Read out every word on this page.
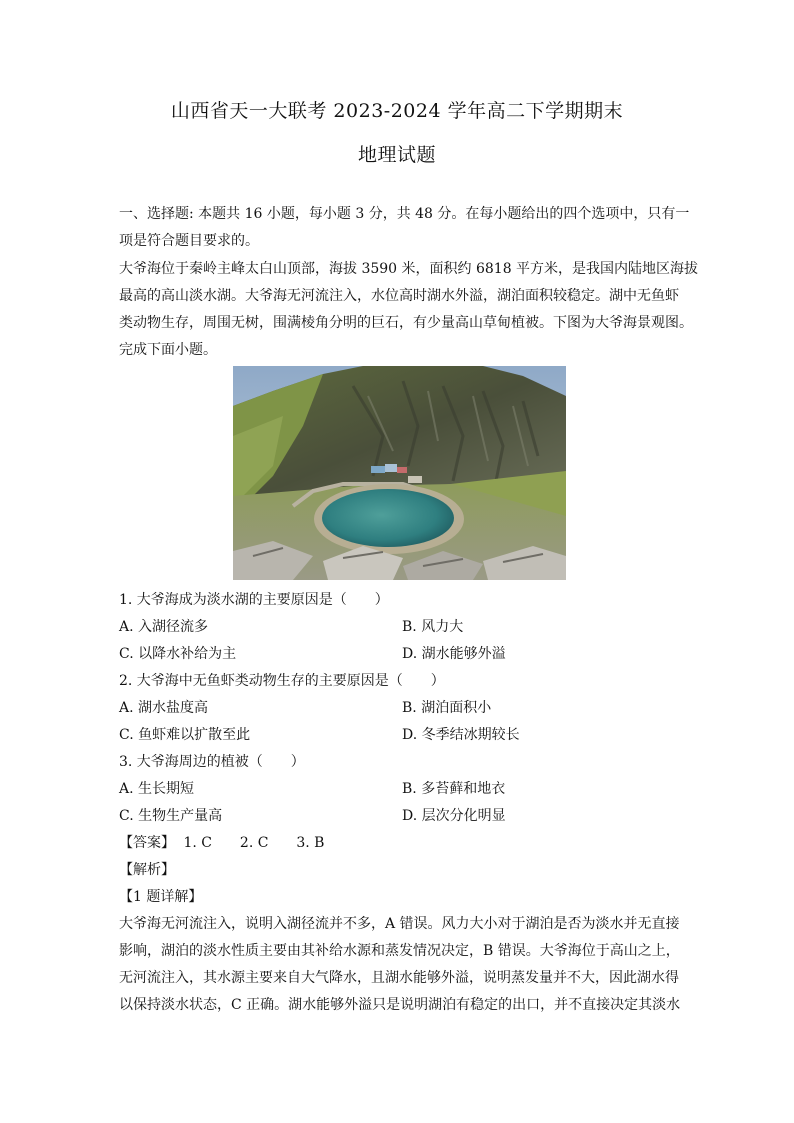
山西省天一大联考 2023-2024 学年高二下学期期末
地理试题
一、选择题: 本题共 16 小题，每小题 3 分，共 48 分。在每小题给出的四个选项中，只有一
项是符合题目要求的。
大爷海位于秦岭主峰太白山顶部，海拔 3590 米，面积约 6818 平方米，是我国内陆地区海拔
最高的高山淡水湖。大爷海无河流注入，水位高时湖水外溢，湖泊面积较稳定。湖中无鱼虾
类动物生存，周围无树，围满棱角分明的巨石，有少量高山草甸植被。下图为大爷海景观图。
完成下面小题。
1. 大爷海成为淡水湖的主要原因是（　　）
A. 入湖径流多	B. 风力大
C. 以降水补给为主	D. 湖水能够外溢
2. 大爷海中无鱼虾类动物生存的主要原因是（　　）
A. 湖水盐度高	B. 湖泊面积小
C. 鱼虾难以扩散至此	D. 冬季结冰期较长
3. 大爷海周边的植被（　　）
A. 生长期短	B. 多苔藓和地衣
C. 生物生产量高	D. 层次分化明显
【答案】 1. C 2. C 3. B
【解析】
【1 题详解】
大爷海无河流注入，说明入湖径流并不多，A 错误。风力大小对于湖泊是否为淡水并无直接
影响，湖泊的淡水性质主要由其补给水源和蒸发情况决定，B 错误。大爷海位于高山之上，
无河流注入，其水源主要来自大气降水，且湖水能够外溢，说明蒸发量并不大，因此湖水得
以保持淡水状态，C 正确。湖水能够外溢只是说明湖泊有稳定的出口，并不直接决定其淡水
